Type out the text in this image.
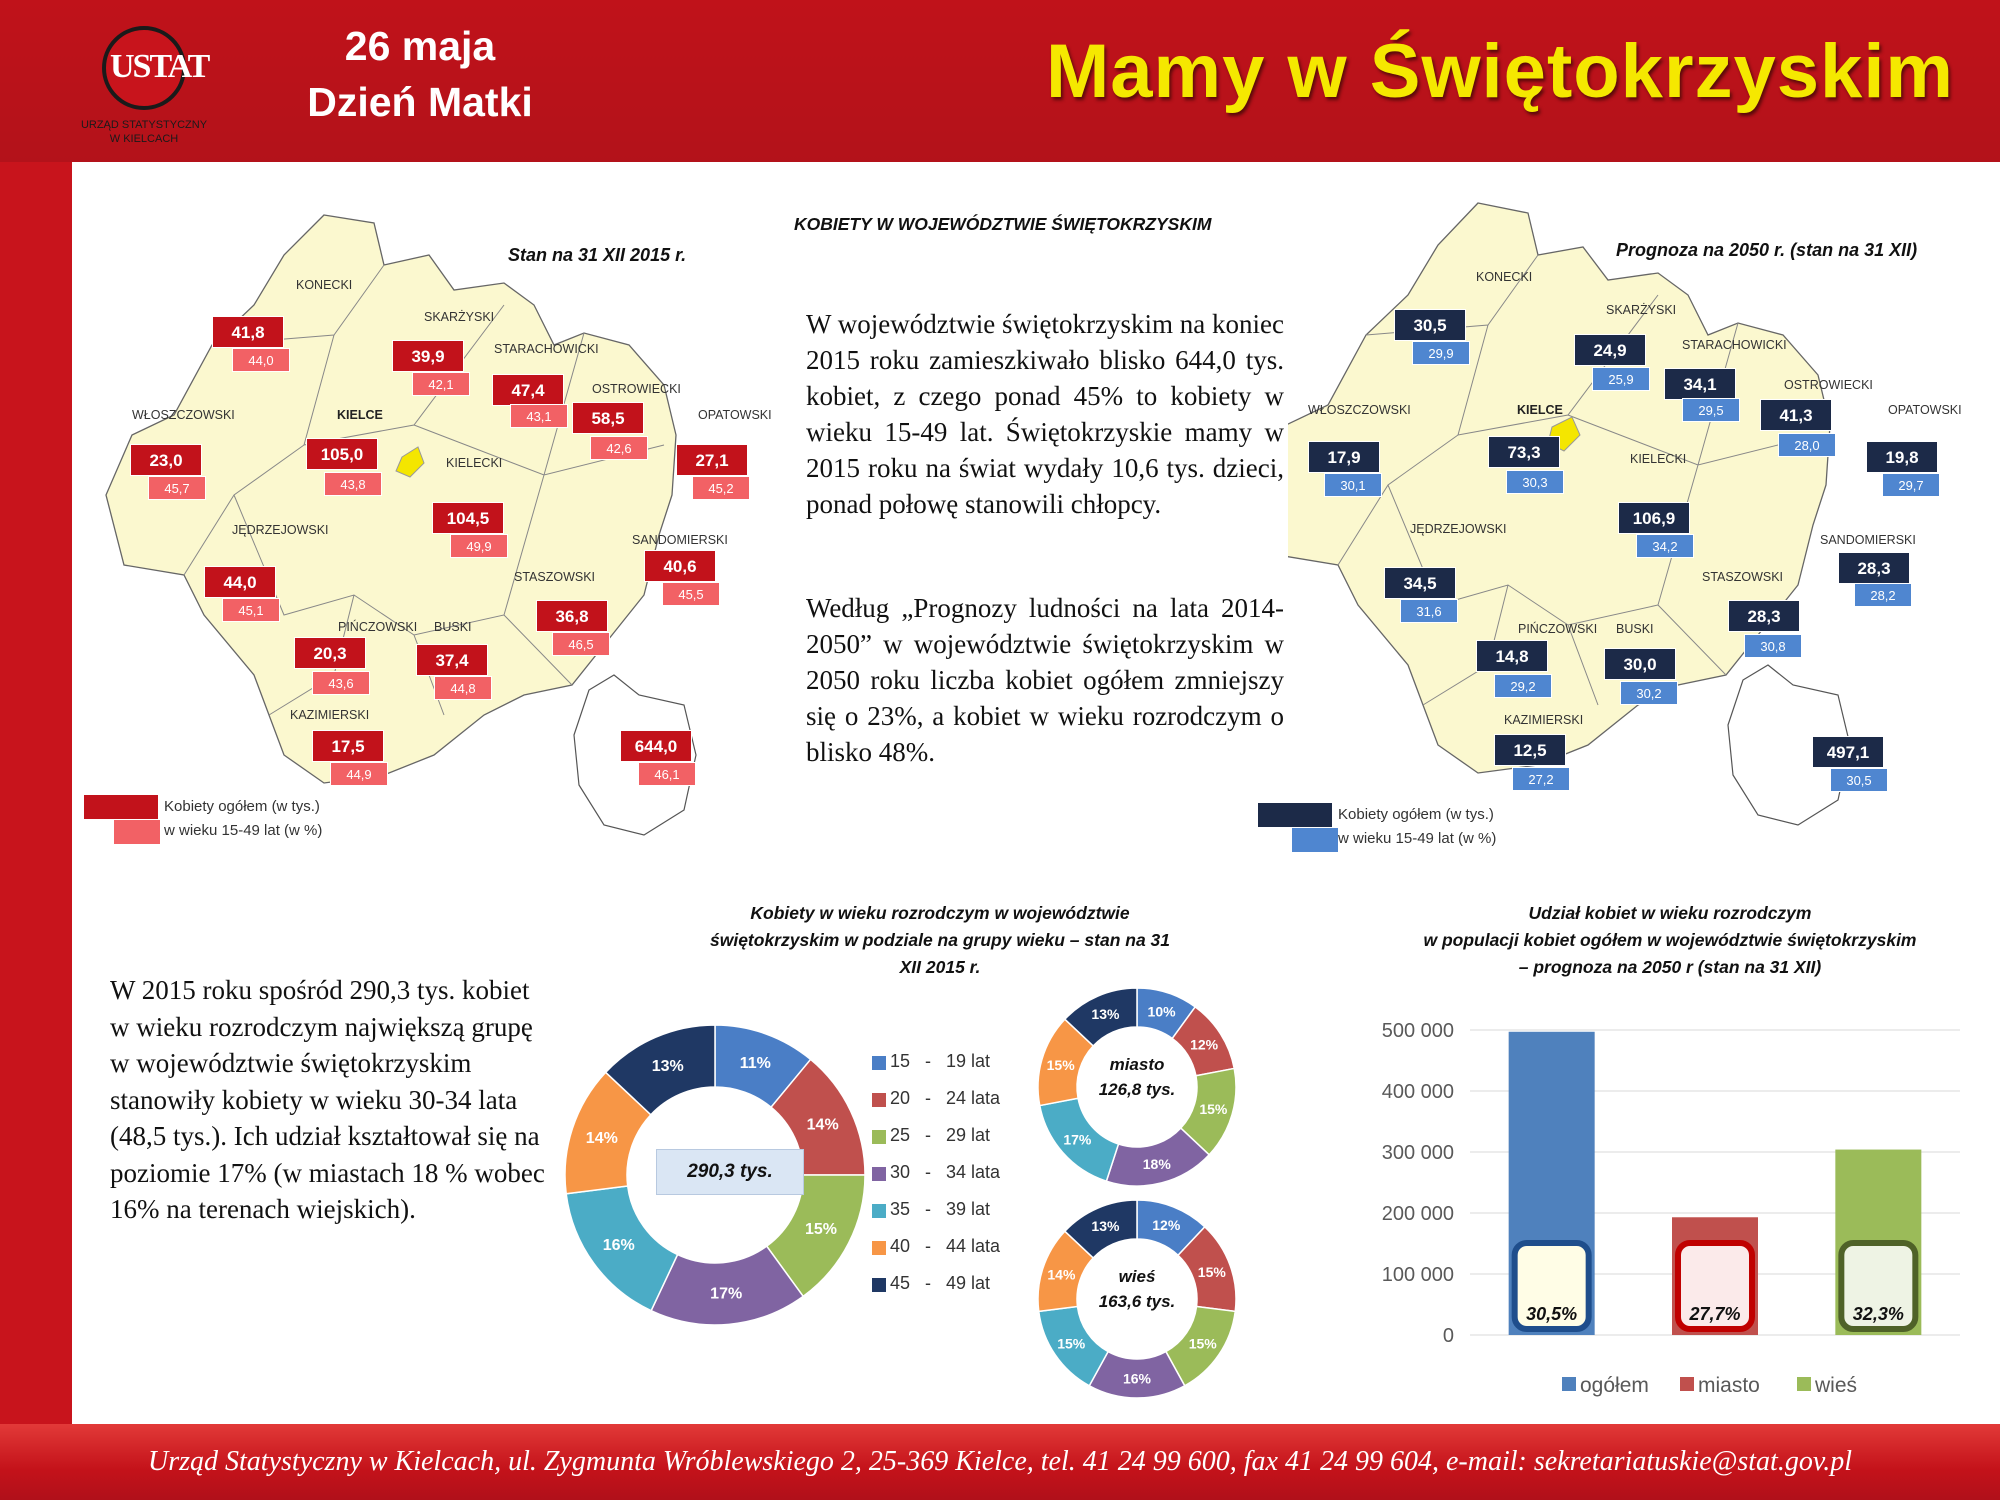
USTAT
URZĄD STATYSTYCZNY
W KIELCACH
26 maja
Dzień Matki	Mamy w Świętokrzyskim
Stan na 31 XII 2015 r.
KONECKI
SKARŻYSKI
STARACHOWICKI
OSTROWIECKI
OPATOWSKI
WŁOSZCZOWSKI	KIELCE
KIELECKI
JĘDRZEJOWSKI
SANDOMIERSKI
STASZOWSKI
PIŃCZOWSKI BUSKI
KAZIMIERSKI
41,8
44,0	39,9
42,1	47,4
43,1	58,5
42,6
27,1
45,2
23,0
45,7
105,0
43,8
104,5
49,9
44,0
45,1
40,6
45,5
36,8
46,5
20,3
43,6
37,4
44,8
17,5
44,9
644,0
46,1
Kobiety ogółem (w tys.)
w wieku 15-49 lat (w %)
KOBIETY W WOJEWÓDZTWIE ŚWIĘTOKRZYSKIM
W województwie świętokrzyskim na koniec 2015 roku zamieszkiwało blisko 644,0 tys. kobiet, z czego ponad 45% to kobiety w wieku 15-49 lat. Świętokrzyskie mamy w 2015 roku na świat wydały 10,6 tys. dzieci, ponad połowę stanowili chłopcy.
Według „Prognozy ludności na lata 2014-2050” w województwie świętokrzyskim w 2050 roku liczba kobiet ogółem zmniejszy się o 23%, a kobiet w wieku rozrodczym o blisko 48%.
Prognoza na 2050 r. (stan na 31 XII)
KONECKI
SKARŻYSKI
STARACHOWICKI
OSTROWIECKI
OPATOWSKI
WŁOSZCZOWSKI	KIELCE
KIELECKI
JĘDRZEJOWSKI
SANDOMIERSKI
STASZOWSKI
PIŃCZOWSKI BUSKI
KAZIMIERSKI
30,5
29,9	24,9
25,9	34,1
29,5	41,3
28,0
19,8
29,7
17,9
30,1
73,3
30,3
106,9
34,2
34,5
31,6
28,3
28,2
28,3
30,8
14,8
29,2
30,0
30,2
12,5
27,2
497,1
30,5
Kobiety ogółem (w tys.)
w wieku 15-49 lat (w %)
W 2015 roku spośród 290,3 tys. kobiet w wieku rozrodczym największą grupę w województwie świętokrzyskim stanowiły kobiety w wieku 30-34 lata (48,5 tys.). Ich udział kształtował się na poziomie 17% (w miastach 18 % wobec 16% na terenach wiejskich).
Kobiety w wieku rozrodczym w województwie świętokrzyskim w podziale na grupy wieku – stan na 31 XII 2015 r.
11%
14%
15%
17%
16%
14%
13%
290,3 tys.
15   -   19 lat
20   -   24 lata
25   -   29 lat
30   -   34 lata
35   -   39 lat
40   -   44 lata
45   -   49 lat
10%
12%
15%
18%
17%
15%
13%
miasto
126,8 tys.
12%
15%
15%
16%
15%
14%
13%
wieś
163,6 tys.
Udział kobiet w wieku rozrodczym
w populacji kobiet ogółem w województwie świętokrzyskim
– prognoza na 2050 r (stan na 31 XII)
0
100 000
200 000
300 000
400 000
500 000
30,5%	27,7%	32,3%
ogółem miasto	wieś
Urząd Statystyczny w Kielcach, ul. Zygmunta Wróblewskiego 2, 25-369 Kielce, tel. 41 24 99 600, fax 41 24 99 604, e-mail: sekretariatuskie@stat.gov.pl
